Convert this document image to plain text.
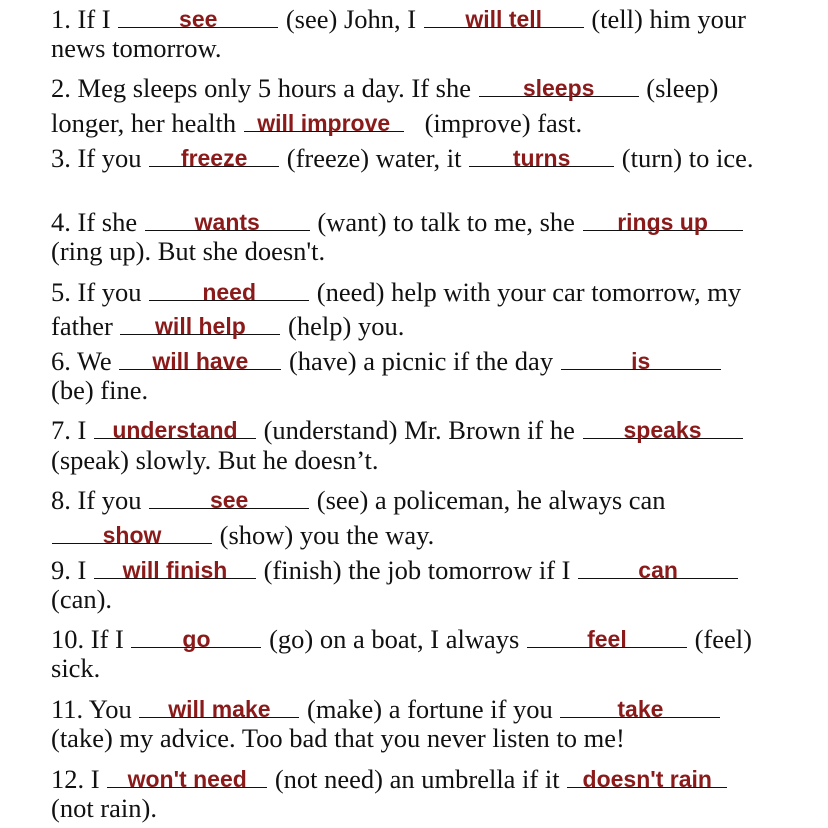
1. If I	see	(see) John, I	will tell	(tell) him your
news tomorrow.
2. Meg sleeps only 5 hours a day. If she	sleeps	(sleep)
longer, her health will improve (improve) fast.
3. If you	freeze	(freeze) water, it	turns	(turn) to ice.
4. If she	wants	(want) to talk to me, she	rings up
(ring up). But she doesn't.
5. If you	need	(need) help with your car tomorrow, my
father	will help	(help) you.
6. We	will have	(have) a picnic if the day	is
(be) fine.
7. I understand (understand) Mr. Brown if he	speaks
(speak) slowly. But he doesn’t.
8. If you	see	(see) a policeman, he always can
show	(show) you the way.
9. I	will finish	(finish) the job tomorrow if I	can
(can).
10. If I	go	(go) on a boat, I always	feel	(feel)
sick.
11. You	will make	(make) a fortune if you	take
(take) my advice. Too bad that you never listen to me!
12. I won't need (not need) an umbrella if it doesn't rain
(not rain).
